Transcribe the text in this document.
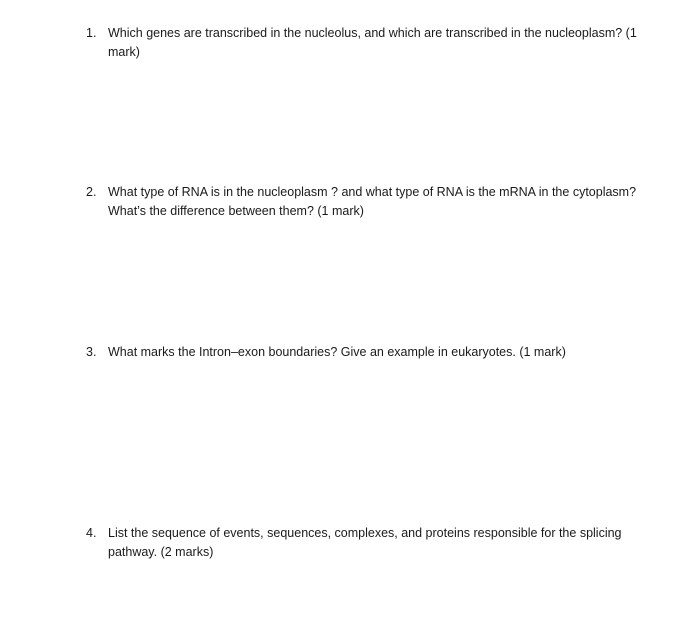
1. Which genes are transcribed in the nucleolus, and which are transcribed in the nucleoplasm? (1 mark)
2. What type of RNA is in the nucleoplasm ? and what type of RNA is the mRNA in the cytoplasm? What’s the difference between them? (1 mark)
3. What marks the Intron–exon boundaries? Give an example in eukaryotes. (1 mark)
4. List the sequence of events, sequences, complexes, and proteins responsible for the splicing pathway. (2 marks)
